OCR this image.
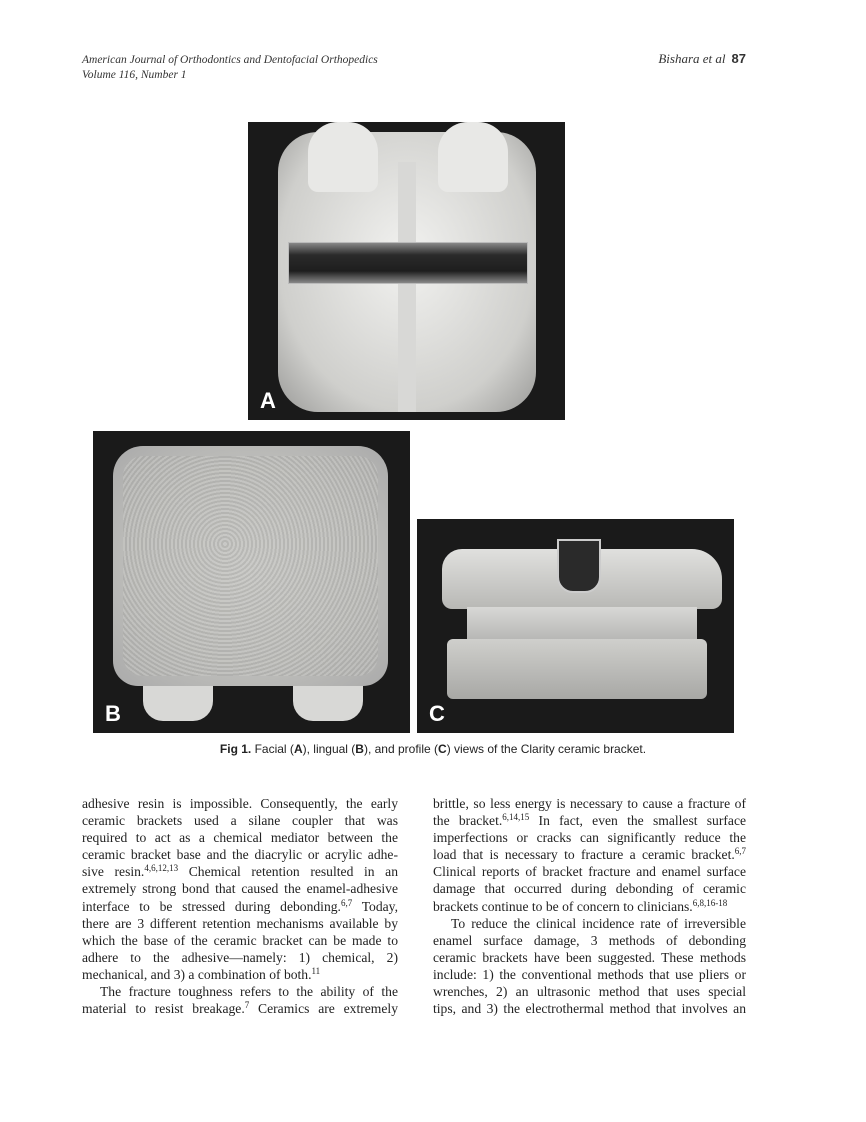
American Journal of Orthodontics and Dentofacial Orthopedics
Volume 116, Number 1
Bishara et al 87
A
B	C
Fig 1. Facial (A), lingual (B), and profile (C) views of the Clarity ceramic bracket.
adhesive resin is impossible. Consequently, the early
ceramic brackets used a silane coupler that was
required to act as a chemical mediator between the
ceramic bracket base and the diacrylic or acrylic adhe-
sive resin.$^{4,6,12,13}$ Chemical retention resulted in an
extremely strong bond that caused the enamel-adhesive
interface to be stressed during debonding.$^{6,7}$ Today,
there are 3 different retention mechanisms available by
which the base of the ceramic bracket can be made to
adhere to the adhesive—namely: 1) chemical, 2)
mechanical, and 3) a combination of both.$^{11}$
The fracture toughness refers to the ability of the
material to resist breakage.$^7$ Ceramics are extremely
brittle, so less energy is necessary to cause a fracture of
the bracket.$^{6,14,15}$ In fact, even the smallest surface
imperfections or cracks can significantly reduce the
load that is necessary to fracture a ceramic bracket.$^{6,7}$
Clinical reports of bracket fracture and enamel surface
damage that occurred during debonding of ceramic
brackets continue to be of concern to clinicians.$^{6,8,16-18}$
To reduce the clinical incidence rate of irreversible
enamel surface damage, 3 methods of debonding
ceramic brackets have been suggested. These methods
include: 1) the conventional methods that use pliers or
wrenches, 2) an ultrasonic method that uses special
tips, and 3) the electrothermal method that involves an
